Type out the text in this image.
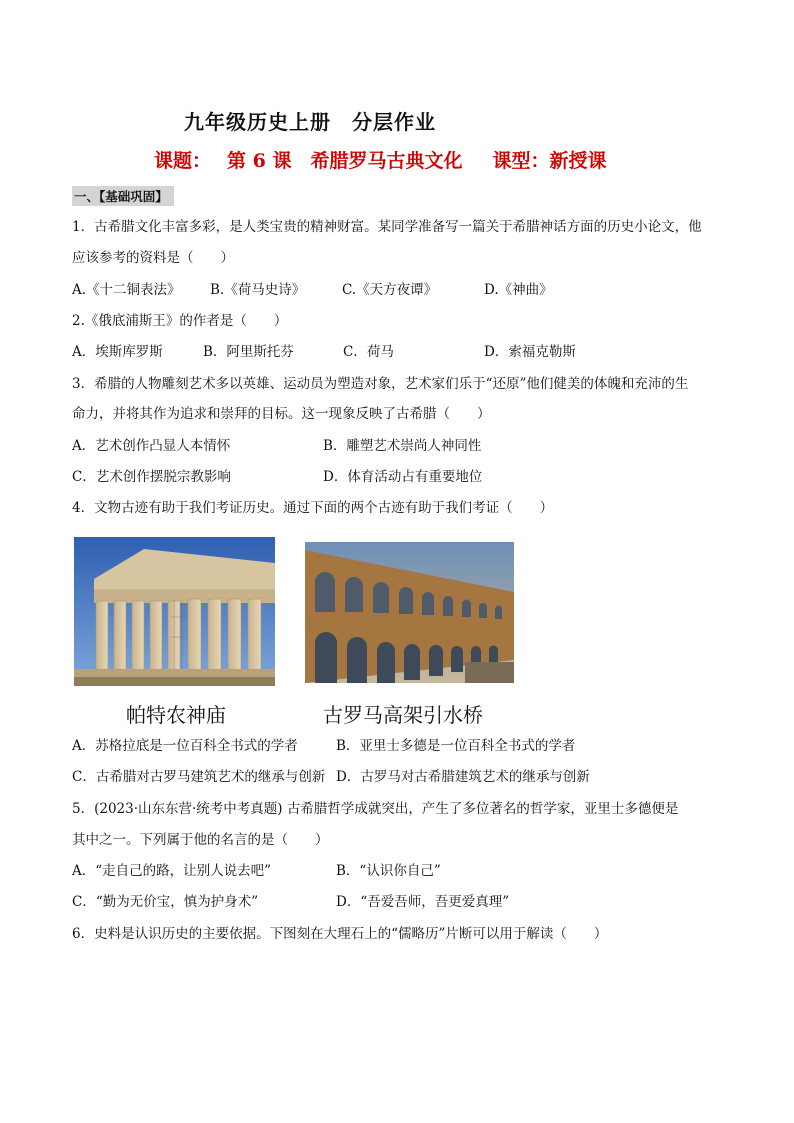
九年级历史上册　分层作业
课题： 第 6 课　希腊罗马古典文化 课型：新授课
一、【基础巩固】
1．古希腊文化丰富多彩，是人类宝贵的精神财富。某同学准备写一篇关于希腊神话方面的历史小论文，他
应该参考的资料是（　　）
A.《十二铜表法》 B.《荷马史诗》	C.《天方夜谭》	D.《神曲》
2.《俄底浦斯王》的作者是（　　）
A．埃斯库罗斯	B．阿里斯托芬	C．荷马	D．索福克勒斯
3．希腊的人物雕刻艺术多以英雄、运动员为塑造对象，艺术家们乐于“还原”他们健美的体魄和充沛的生
命力，并将其作为追求和崇拜的目标。这一现象反映了古希腊（　　）
A．艺术创作凸显人本情怀	B．雕塑艺术崇尚人神同性
C．艺术创作摆脱宗教影响	D．体育活动占有重要地位
4．文物古迹有助于我们考证历史。通过下面的两个古迹有助于我们考证（　　）
帕特农神庙	古罗马高架引水桥
A．苏格拉底是一位百科全书式的学者	B．亚里士多德是一位百科全书式的学者
C．古希腊对古罗马建筑艺术的继承与创新 D．古罗马对古希腊建筑艺术的继承与创新
5．(2023·山东东营·统考中考真题) 古希腊哲学成就突出，产生了多位著名的哲学家，亚里士多德便是
其中之一。下列属于他的名言的是（　　）
A．“走自己的路，让别人说去吧”	B．“认识你自己”
C．“勤为无价宝，慎为护身术”	D．“吾爱吾师，吾更爱真理”
6．史料是认识历史的主要依据。下图刻在大理石上的“儒略历”片断可以用于解读（　　）
